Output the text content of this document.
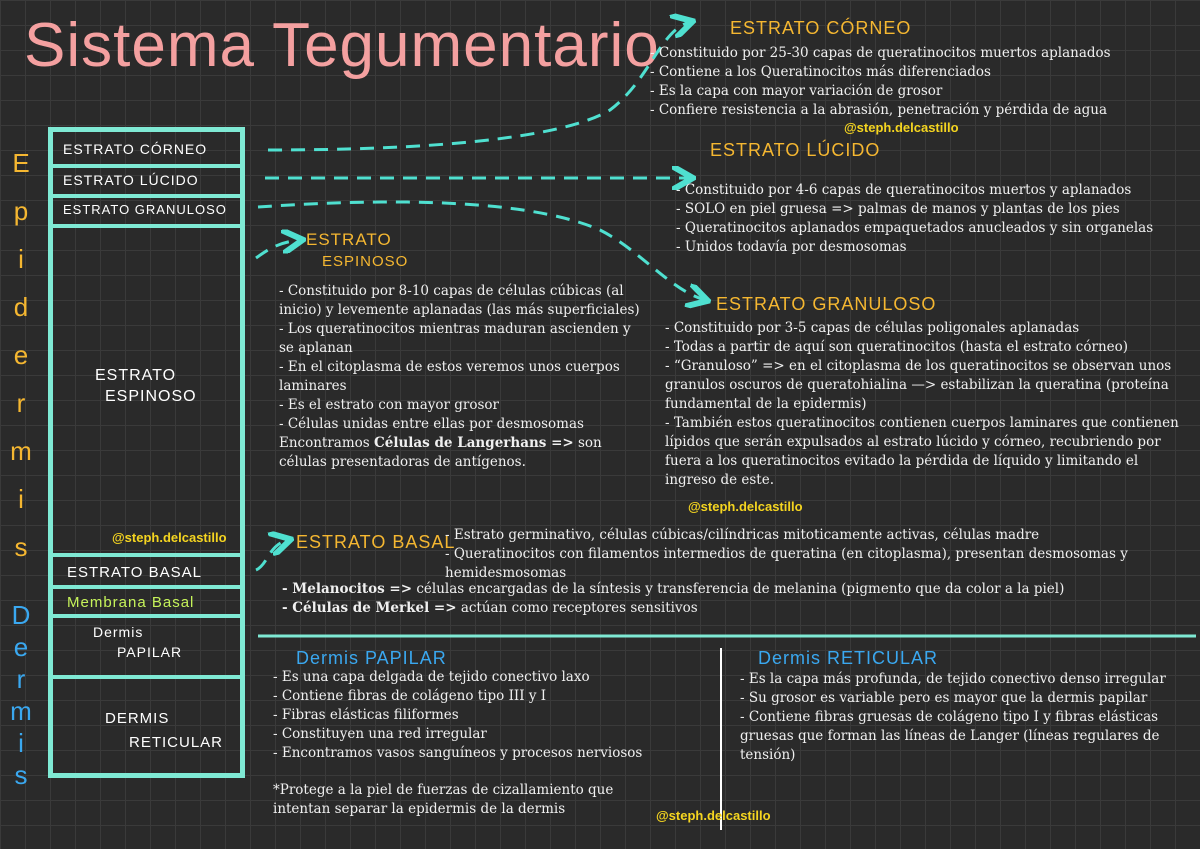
Sistema Tegumentario
E
p
i
d
e
r
m
i
s
D
e
r
m
i
s
ESTRATO CÓRNEO
ESTRATO LÚCIDO
ESTRATO GRANULOSO
ESTRATO
ESPINOSO
ESTRATO BASAL
Membrana Basal
Dermis
PAPILAR
DERMIS
RETICULAR
ESTRATO CÓRNEO

- Constituido por 25-30 capas de queratinocitos muertos aplanados

- Contiene a los Queratinocitos más diferenciados

- Es la capa con mayor variación de grosor

- Confiere resistencia a la abrasión, penetración y pérdida de agua

@steph.delcastillo
ESTRATO LÚCIDO

- Constituido por 4-6 capas de queratinocitos muertos y aplanados

- SOLO en piel gruesa => palmas de manos y plantas de los pies

- Queratinocitos aplanados empaquetados anucleados y sin organelas

- Unidos todavía por desmosomas

ESTRATO
ESPINOSO

- Constituido por 8-10 capas de células cúbicas (al inicio) y levemente aplanadas (las más superficiales)

- Los queratinocitos mientras maduran ascienden y se aplanan

- En el citoplasma de estos veremos unos cuerpos laminares

- Es el estrato con mayor grosor

- Células unidas entre ellas por desmosomas

Encontramos Células de Langerhans => son células presentadoras de antígenos.

ESTRATO GRANULOSO

- Constituido por 3-5 capas de células poligonales aplanadas

- Todas a partir de aquí son queratinocitos (hasta el estrato córneo)

- “Granuloso” => en el citoplasma de los queratinocitos se observan unos granulos oscuros de queratohialina —> estabilizan la queratina (proteína fundamental de la epidermis)

- También estos queratinocitos contienen cuerpos laminares que contienen lípidos que serán expulsados al estrato lúcido y córneo, recubriendo por fuera a los queratinocitos evitado la pérdida de líquido y limitando el ingreso de este.

@steph.delcastillo
@steph.delcastillo	ESTRATO BASAL

- Estrato germinativo, células cúbicas/cilíndricas mitoticamente activas, células madre

- Queratinocitos con filamentos intermedios de queratina (en citoplasma), presentan desmosomas y hemidesmosomas

- Melanocitos => células encargadas de la síntesis y transferencia de melanina (pigmento que da color a la piel)

- Células de Merkel => actúan como receptores sensitivos

Dermis PAPILAR

- Es una capa delgada de tejido conectivo laxo

- Contiene fibras de colágeno tipo III y I

- Fibras elásticas filiformes

- Constituyen una red irregular

- Encontramos vasos sanguíneos y procesos nerviosos

*Protege a la piel de fuerzas de cizallamiento que intentan separar la epidermis de la dermis	@steph.delcastillo
Dermis RETICULAR

- Es la capa más profunda, de tejido conectivo denso irregular

- Su grosor es variable pero es mayor que la dermis papilar

- Contiene fibras gruesas de colágeno tipo I y fibras elásticas gruesas que forman las líneas de Langer (líneas regulares de tensión)
